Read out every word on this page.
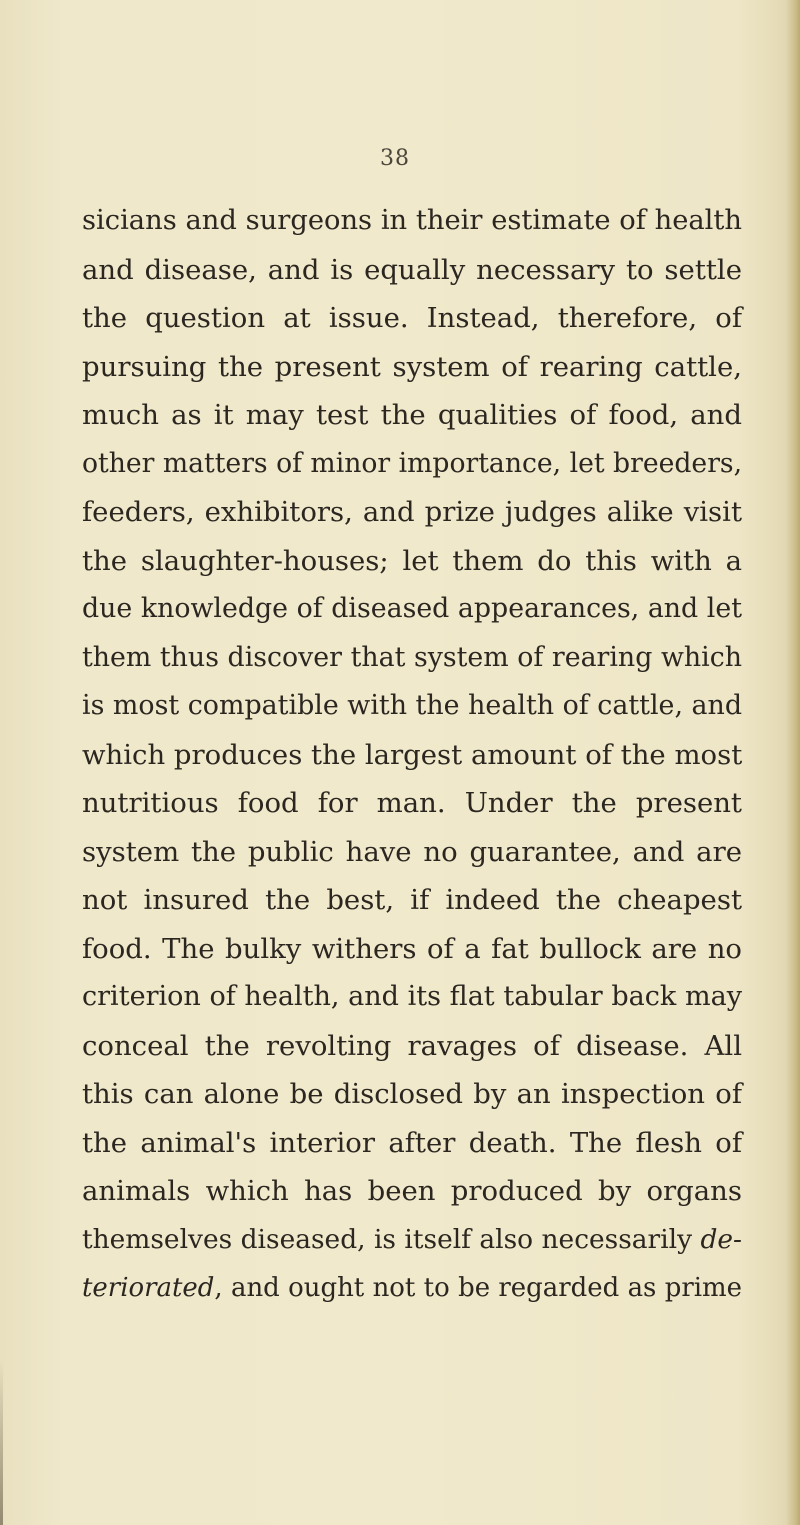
38
sicians and surgeons in their estimate of health
and disease, and is equally necessary to settle
the question at issue. Instead, therefore, of
pursuing the present system of rearing cattle,
much as it may test the qualities of food, and
other matters of minor importance, let breeders,
feeders, exhibitors, and prize judges alike visit
the slaughter-houses; let them do this with a
due knowledge of diseased appearances, and let
them thus discover that system of rearing which
is most compatible with the health of cattle, and
which produces the largest amount of the most
nutritious food for man. Under the present
system the public have no guarantee, and are
not insured the best, if indeed the cheapest
food. The bulky withers of a fat bullock are no
criterion of health, and its flat tabular back may
conceal the revolting ravages of disease. All
this can alone be disclosed by an inspection of
the animal's interior after death. The flesh of
animals which has been produced by organs
themselves diseased, is itself also necessarily de-
teriorated, and ought not to be regarded as prime
